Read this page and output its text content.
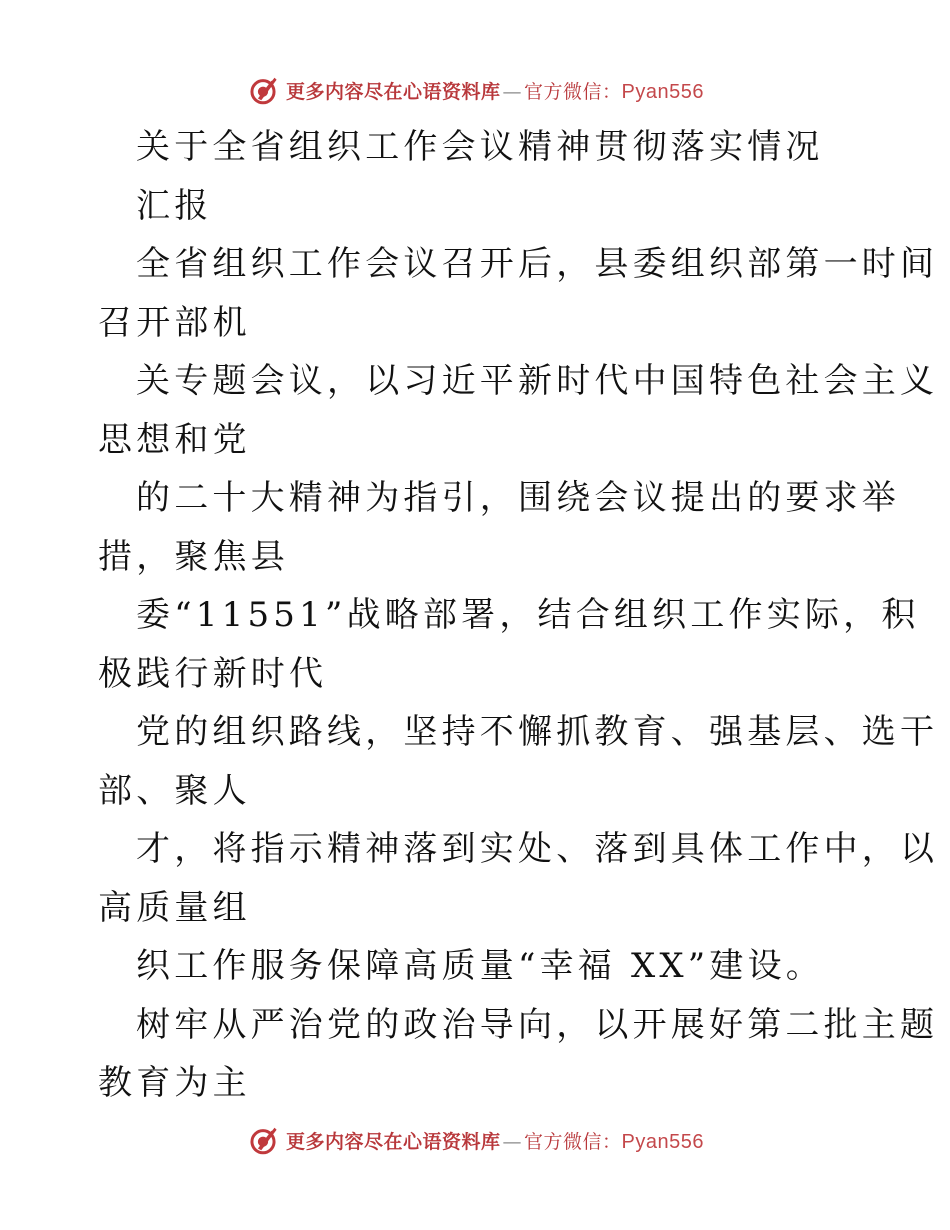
更多内容尽在心语资料库 — 官方微信： Pyan556
关于全省组织工作会议精神贯彻落实情况
汇报
全省组织工作会议召开后，县委组织部第一时间
召开部机
关专题会议，以习近平新时代中国特色社会主义
思想和党
的二十大精神为指引，围绕会议提出的要求举
措，聚焦县
委“11551”战略部署，结合组织工作实际，积
极践行新时代
党的组织路线，坚持不懈抓教育、强基层、选干
部、聚人
才，将指示精神落到实处、落到具体工作中，以
高质量组
织工作服务保障高质量“幸福 XX”建设。
树牢从严治党的政治导向，以开展好第二批主题
教育为主
更多内容尽在心语资料库 — 官方微信： Pyan556
